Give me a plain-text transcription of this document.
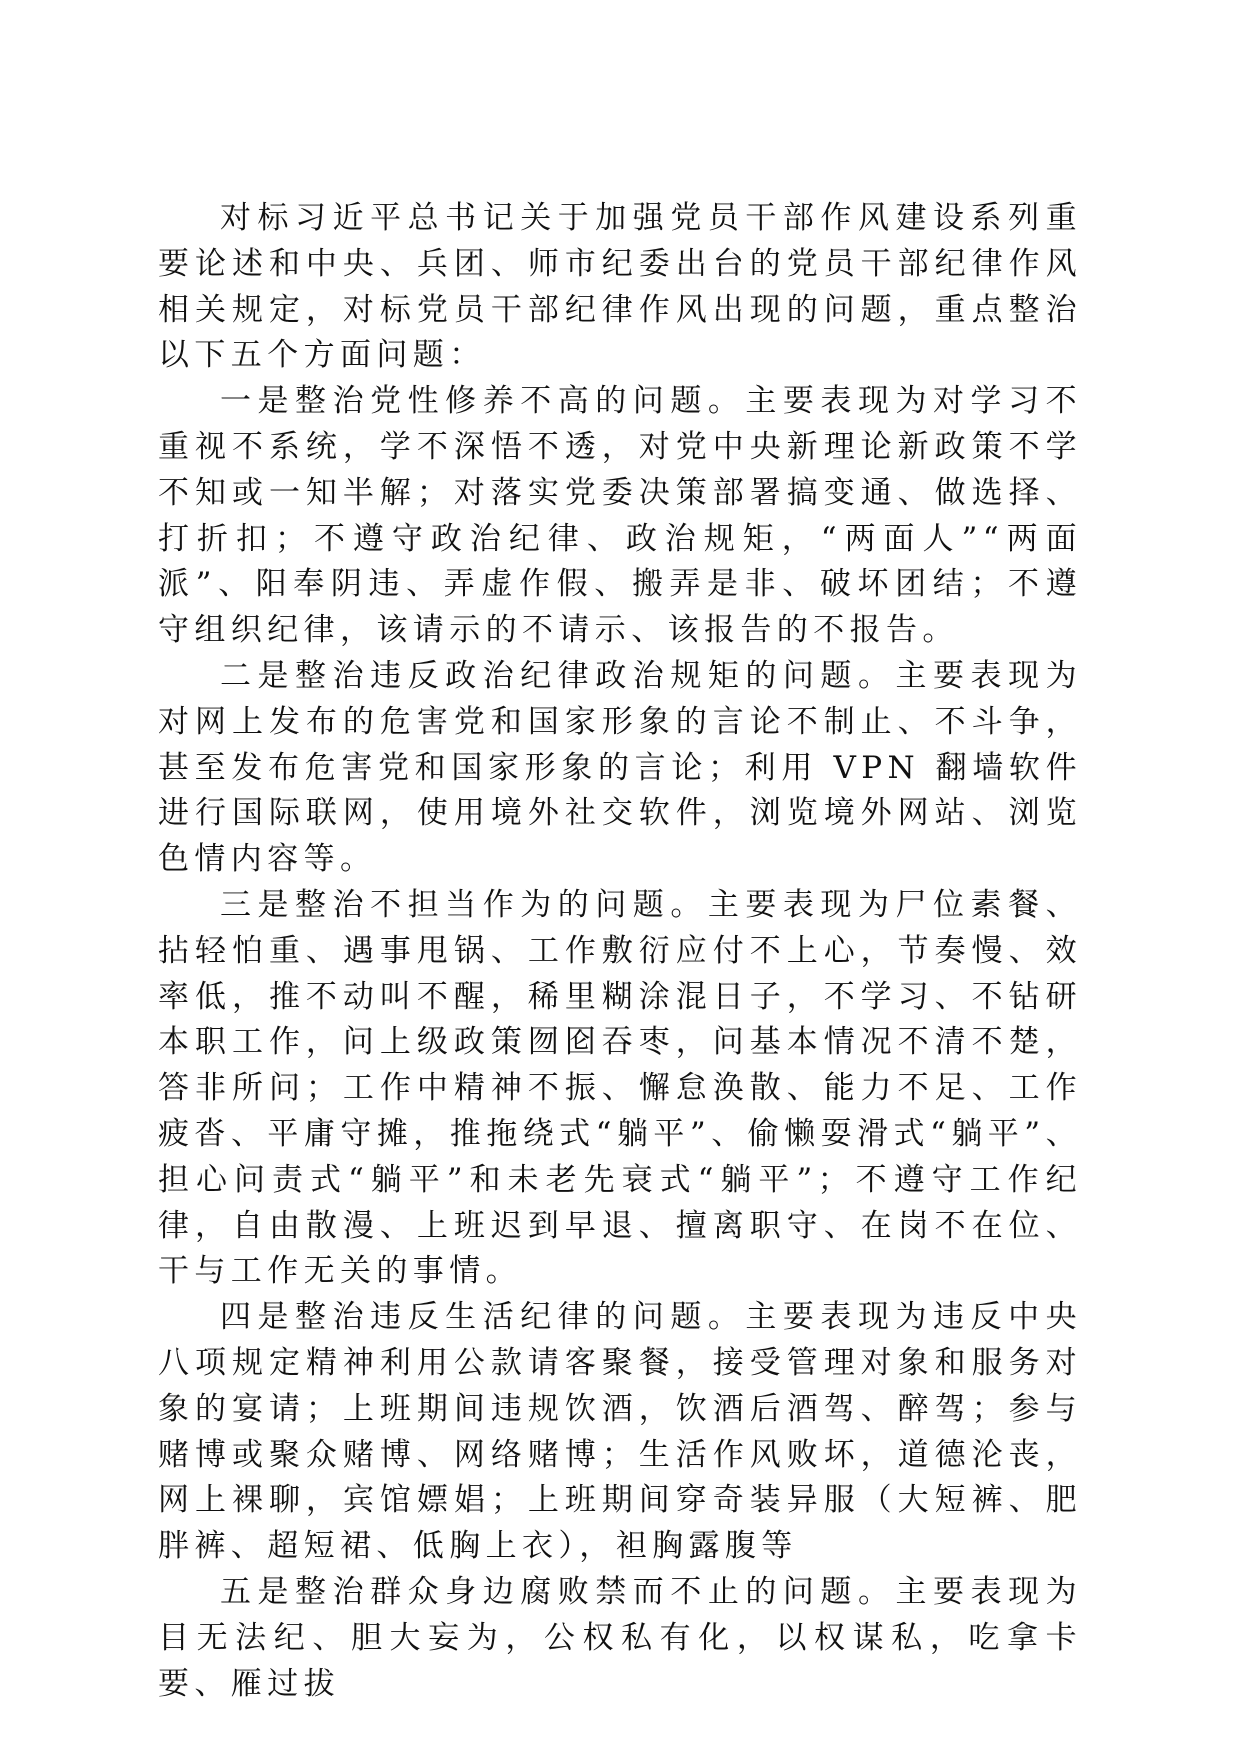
对标习近平总书记关于加强党员干部作风建设系列重要论述和中央、兵团、师市纪委出台的党员干部纪律作风相关规定，对标党员干部纪律作风出现的问题，重点整治以下五个方面问题：

一是整治党性修养不高的问题。主要表现为对学习不重视不系统，学不深悟不透，对党中央新理论新政策不学不知或一知半解；对落实党委决策部署搞变通、做选择、打折扣；不遵守政治纪律、政治规矩，“两面人”“两面派”、阳奉阴违、弄虚作假、搬弄是非、破坏团结；不遵守组织纪律，该请示的不请示、该报告的不报告。

二是整治违反政治纪律政治规矩的问题。主要表现为对网上发布的危害党和国家形象的言论不制止、不斗争，甚至发布危害党和国家形象的言论；利用 VPN 翻墙软件进行国际联网，使用境外社交软件，浏览境外网站、浏览色情内容等。

三是整治不担当作为的问题。主要表现为尸位素餐、拈轻怕重、遇事甩锅、工作敷衍应付不上心，节奏慢、效率低，推不动叫不醒，稀里糊涂混日子，不学习、不钻研本职工作，问上级政策囫囵吞枣，问基本情况不清不楚，答非所问；工作中精神不振、懈怠涣散、能力不足、工作疲沓、平庸守摊，推拖绕式“躺平”、偷懒耍滑式“躺平”、担心问责式“躺平”和未老先衰式“躺平”；不遵守工作纪律，自由散漫、上班迟到早退、擅离职守、在岗不在位、干与工作无关的事情。

四是整治违反生活纪律的问题。主要表现为违反中央八项规定精神利用公款请客聚餐，接受管理对象和服务对象的宴请；上班期间违规饮酒，饮酒后酒驾、醉驾；参与赌博或聚众赌博、网络赌博；生活作风败坏，道德沦丧，网上裸聊，宾馆嫖娼；上班期间穿奇装异服（大短裤、肥胖裤、超短裙、低胸上衣），袒胸露腹等

五是整治群众身边腐败禁而不止的问题。主要表现为目无法纪、胆大妄为，公权私有化，以权谋私，吃拿卡要、雁过拔
